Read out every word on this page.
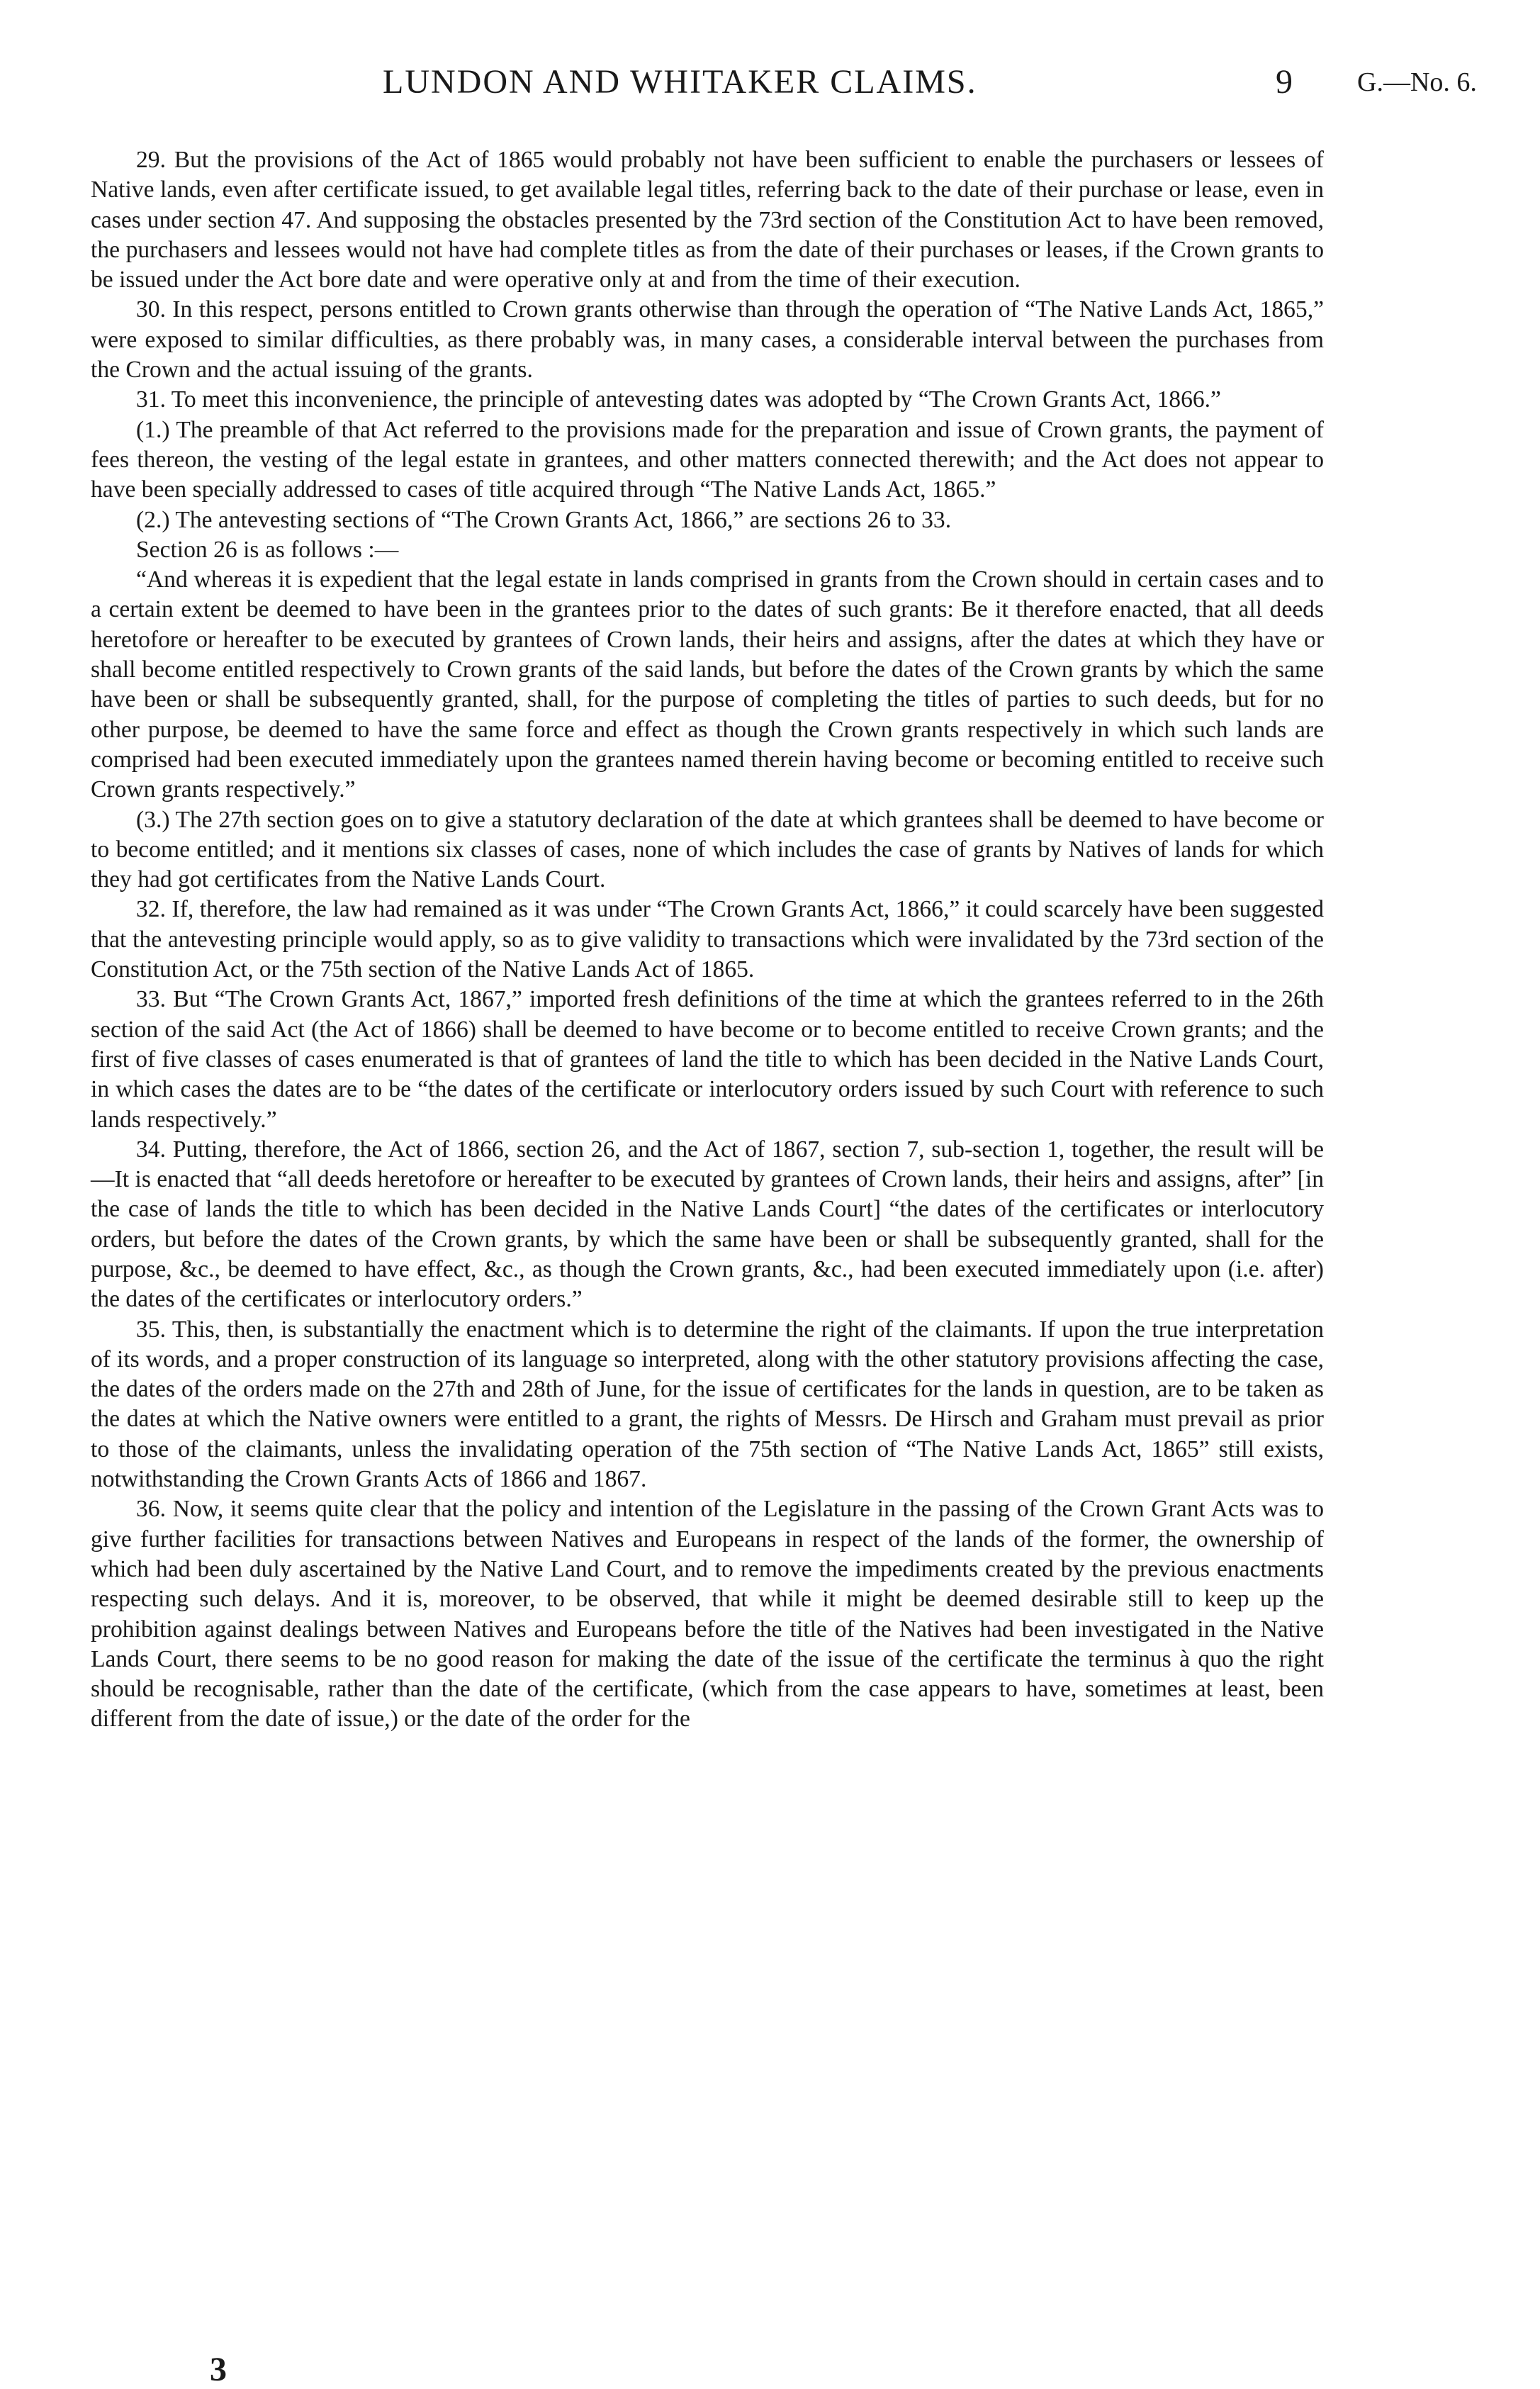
LUNDON AND WHITAKER CLAIMS.	9 G.—No. 6.

29. But the provisions of the Act of 1865 would probably not have been sufficient to enable the purchasers or lessees of Native lands, even after certificate issued, to get available legal titles, referring back to the date of their purchase or lease, even in cases under section 47. And supposing the obstacles presented by the 73rd section of the Constitution Act to have been removed, the purchasers and lessees would not have had complete titles as from the date of their purchases or leases, if the Crown grants to be issued under the Act bore date and were operative only at and from the time of their execution.

30. In this respect, persons entitled to Crown grants otherwise than through the operation of “The Native Lands Act, 1865,” were exposed to similar difficulties, as there probably was, in many cases, a considerable interval between the purchases from the Crown and the actual issuing of the grants.

31. To meet this inconvenience, the principle of antevesting dates was adopted by “The Crown Grants Act, 1866.”

(1.) The preamble of that Act referred to the provisions made for the preparation and issue of Crown grants, the payment of fees thereon, the vesting of the legal estate in grantees, and other matters connected therewith; and the Act does not appear to have been specially addressed to cases of title acquired through “The Native Lands Act, 1865.”

(2.) The antevesting sections of “The Crown Grants Act, 1866,” are sections 26 to 33.

Section 26 is as follows :—

“And whereas it is expedient that the legal estate in lands comprised in grants from the Crown should in certain cases and to a certain extent be deemed to have been in the grantees prior to the dates of such grants: Be it therefore enacted, that all deeds heretofore or hereafter to be executed by grantees of Crown lands, their heirs and assigns, after the dates at which they have or shall become entitled respectively to Crown grants of the said lands, but before the dates of the Crown grants by which the same have been or shall be subsequently granted, shall, for the purpose of completing the titles of parties to such deeds, but for no other purpose, be deemed to have the same force and effect as though the Crown grants respectively in which such lands are comprised had been executed immediately upon the grantees named therein having become or becoming entitled to receive such Crown grants respectively.”

(3.) The 27th section goes on to give a statutory declaration of the date at which grantees shall be deemed to have become or to become entitled; and it mentions six classes of cases, none of which includes the case of grants by Natives of lands for which they had got certificates from the Native Lands Court.

32. If, therefore, the law had remained as it was under “The Crown Grants Act, 1866,” it could scarcely have been suggested that the antevesting principle would apply, so as to give validity to transactions which were invalidated by the 73rd section of the Constitution Act, or the 75th section of the Native Lands Act of 1865.

33. But “The Crown Grants Act, 1867,” imported fresh definitions of the time at which the grantees referred to in the 26th section of the said Act (the Act of 1866) shall be deemed to have become or to become entitled to receive Crown grants; and the first of five classes of cases enumerated is that of grantees of land the title to which has been decided in the Native Lands Court, in which cases the dates are to be “the dates of the certificate or interlocutory orders issued by such Court with reference to such lands respectively.”

34. Putting, therefore, the Act of 1866, section 26, and the Act of 1867, section 7, sub-section 1, together, the result will be—It is enacted that “all deeds heretofore or hereafter to be executed by grantees of Crown lands, their heirs and assigns, after” [in the case of lands the title to which has been decided in the Native Lands Court] “the dates of the certificates or interlocutory orders, but before the dates of the Crown grants, by which the same have been or shall be subsequently granted, shall for the purpose, &c., be deemed to have effect, &c., as though the Crown grants, &c., had been executed immediately upon (i.e. after) the dates of the certificates or interlocutory orders.”

35. This, then, is substantially the enactment which is to determine the right of the claimants. If upon the true interpretation of its words, and a proper construction of its language so interpreted, along with the other statutory provisions affecting the case, the dates of the orders made on the 27th and 28th of June, for the issue of certificates for the lands in question, are to be taken as the dates at which the Native owners were entitled to a grant, the rights of Messrs. De Hirsch and Graham must prevail as prior to those of the claimants, unless the invalidating operation of the 75th section of “The Native Lands Act, 1865” still exists, notwithstanding the Crown Grants Acts of 1866 and 1867.

36. Now, it seems quite clear that the policy and intention of the Legislature in the passing of the Crown Grant Acts was to give further facilities for transactions between Natives and Europeans in respect of the lands of the former, the ownership of which had been duly ascertained by the Native Land Court, and to remove the impediments created by the previous enactments respecting such delays. And it is, moreover, to be observed, that while it might be deemed desirable still to keep up the prohibition against dealings between Natives and Europeans before the title of the Natives had been investigated in the Native Lands Court, there seems to be no good reason for making the date of the issue of the certificate the terminus à quo the right should be recognisable, rather than the date of the certificate, (which from the case appears to have, sometimes at least, been different from the date of issue,) or the date of the order for the

3
